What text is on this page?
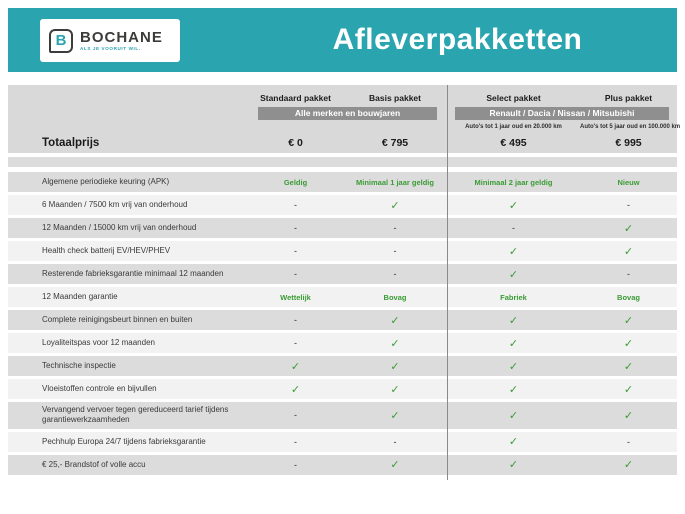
B BOCHANE
ALS JE VOORUIT WIL.	Afleverpakketten
Standaard pakket	Basis pakket	Select pakket	Plus pakket
Alle merken en bouwjaren	Renault / Dacia / Nissan / Mitsubishi
Auto's tot 1 jaar oud en 20.000 km	Auto's tot 5 jaar oud en 100.000 km
Totaalprijs	€ 0	€ 795	€ 495	€ 995
Algemene periodieke keuring (APK)	Geldig	Minimaal 1 jaar geldig	Minimaal 2 jaar geldig	Nieuw
6 Maanden / 7500 km vrij van onderhoud	-	✓	✓	-
12 Maanden / 15000 km vrij van onderhoud	-	-	-	✓
Health check batterij EV/HEV/PHEV	-	-	✓	✓
Resterende fabrieksgarantie minimaal 12 maanden	-	-	✓	-
12 Maanden garantie	Wettelijk	Bovag	Fabriek	Bovag
Complete reinigingsbeurt binnen en buiten	-	✓	✓	✓
Loyaliteitspas voor 12 maanden	-	✓	✓	✓
Technische inspectie	✓	✓	✓	✓
Vloeistoffen controle en bijvullen	✓	✓	✓	✓
Vervangend vervoer tegen gereduceerd tarief tijdens garantiewerkzaamheden	-	✓	✓	✓
Pechhulp Europa 24/7 tijdens fabrieksgarantie	-	-	✓	-
€ 25,- Brandstof of volle accu	-	✓	✓	✓
